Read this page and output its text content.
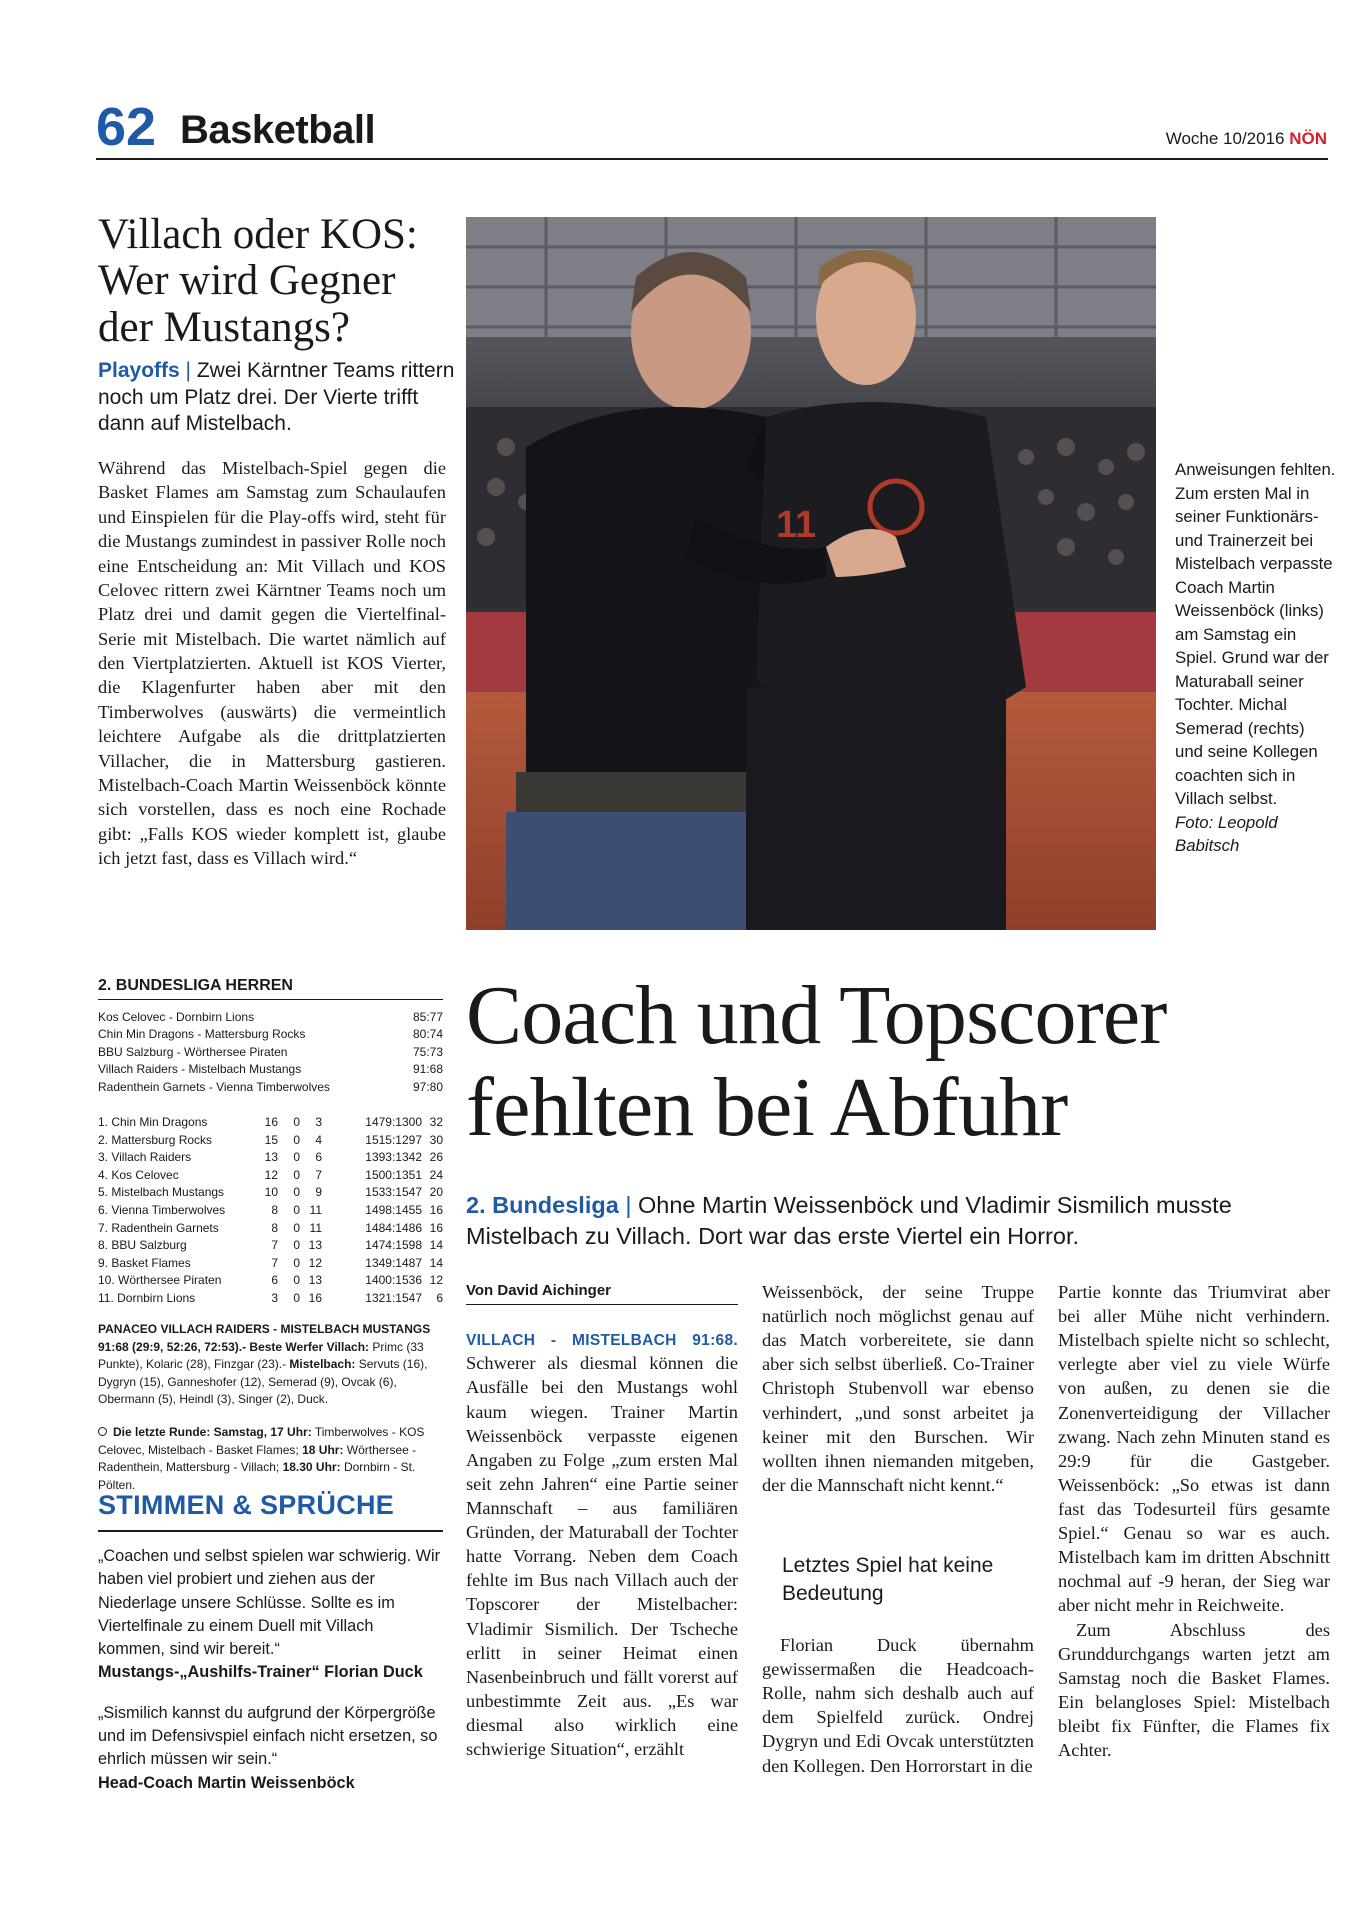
62 Basketball	Woche 10/2016 NÖN
Villach oder KOS:
Wer wird Gegner
der Mustangs?
Playoffs | Zwei Kärntner Teams rittern noch um Platz drei. Der Vierte trifft dann auf Mistelbach.

Während das Mistelbach-Spiel gegen die Basket Flames am Samstag zum Schaulaufen und Einspielen für die Play-offs wird, steht für die Mustangs zumindest in passiver Rolle noch eine Entscheidung an: Mit Villach und KOS Celovec rittern zwei Kärntner Teams noch um Platz drei und damit gegen die Viertelfinal-Serie mit Mistelbach. Die wartet nämlich auf den Viertplatzierten. Aktuell ist KOS Vierter, die Klagenfurter haben aber mit den Timberwolves (auswärts) die vermeintlich leichtere Aufgabe als die drittplatzierten Villacher, die in Mattersburg gastieren. Mistelbach-Coach Martin Weissenböck könnte sich vorstellen, dass es noch eine Rochade gibt: „Falls KOS wieder komplett ist, glaube ich jetzt fast, dass es Villach wird.“

11
Anweisungen fehlten. Zum ersten Mal in seiner Funktionärs- und Trainerzeit bei Mistelbach verpasste Coach Martin Weissenböck (links) am Samstag ein Spiel. Grund war der Maturaball seiner Tochter. Michal Semerad (rechts) und seine Kollegen coachten sich in Villach selbst.
Foto: Leopold Babitsch
2. BUNDESLIGA HERREN
Kos Celovec - Dornbirn Lions	85:77
Chin Min Dragons - Mattersburg Rocks	80:74
BBU Salzburg - Wörthersee Piraten	75:73
Villach Raiders - Mistelbach Mustangs	91:68
Radenthein Garnets - Vienna Timberwolves	97:80
1. Chin Min Dragons	16	0	3	1479:1300 32
2. Mattersburg Rocks	15	0	4	1515:1297 30
3. Villach Raiders	13	0	6	1393:1342 26
4. Kos Celovec	12	0	7	1500:1351 24
5. Mistelbach Mustangs	10	0	9	1533:1547 20
6. Vienna Timberwolves	8	0 11	1498:1455 16
7. Radenthein Garnets	8	0 11	1484:1486 16
8. BBU Salzburg	7	0 13	1474:1598 14
9. Basket Flames	7	0 12	1349:1487 14
10. Wörthersee Piraten	6	0 13	1400:1536 12
11. Dornbirn Lions	3	0 16	1321:1547	6
PANACEO VILLACH RAIDERS - MISTELBACH MUSTANGS
91:68 (29:9, 52:26, 72:53).- Beste Werfer Villach: Primc (33 Punkte), Kolaric (28), Finzgar (23).- Mistelbach: Servuts (16), Dygryn (15), Ganneshofer (12), Semerad (9), Ovcak (6), Obermann (5), Heindl (3), Singer (2), Duck.
Die letzte Runde: Samstag, 17 Uhr: Timberwolves - KOS Celovec, Mistelbach - Basket Flames; 18 Uhr: Wörthersee - Radenthein, Mattersburg - Villach; 18.30 Uhr: Dornbirn - St. Pölten.
STIMMEN & SPRÜCHE
„Coachen und selbst spielen war schwierig. Wir haben viel probiert und ziehen aus der Niederlage unsere Schlüsse. Sollte es im Viertelfinale zu einem Duell mit Villach kommen, sind wir bereit.“
Mustangs-„Aushilfs-Trainer“ Florian Duck
„Sismilich kannst du aufgrund der Körpergröße und im Defensivspiel einfach nicht ersetzen, so ehrlich müssen wir sein.“
Head-Coach Martin Weissenböck
Coach und Topscorer
fehlten bei Abfuhr
2. Bundesliga | Ohne Martin Weissenböck und Vladimir Sismilich musste Mistelbach zu Villach. Dort war das erste Viertel ein Horror.
Von David Aichinger

VILLACH - MISTELBACH 91:68. Schwerer als diesmal können die Ausfälle bei den Mustangs wohl kaum wiegen. Trainer Martin Weissenböck verpasste eigenen Angaben zu Folge „zum ersten Mal seit zehn Jahren“ eine Partie seiner Mannschaft – aus familiären Gründen, der Maturaball der Tochter hatte Vorrang. Neben dem Coach fehlte im Bus nach Villach auch der Topscorer der Mistelbacher: Vladimir Sismilich. Der Tscheche erlitt in seiner Heimat einen Nasenbeinbruch und fällt vorerst auf unbestimmte Zeit aus. „Es war diesmal also wirklich eine schwierige Situation“, erzählt

Weissenböck, der seine Truppe natürlich noch möglichst genau auf das Match vorbereitete, sie dann aber sich selbst überließ. Co-Trainer Christoph Stubenvoll war ebenso verhindert, „und sonst arbeitet ja keiner mit den Burschen. Wir wollten ihnen niemanden mitgeben, der die Mannschaft nicht kennt.“

Letztes Spiel hat keine Bedeutung

Florian Duck übernahm gewissermaßen die Headcoach-Rolle, nahm sich deshalb auch auf dem Spielfeld zurück. Ondrej Dygryn und Edi Ovcak unterstützten den Kollegen. Den Horrorstart in die

Partie konnte das Triumvirat aber bei aller Mühe nicht verhindern. Mistelbach spielte nicht so schlecht, verlegte aber viel zu viele Würfe von außen, zu denen sie die Zonenverteidigung der Villacher zwang. Nach zehn Minuten stand es 29:9 für die Gastgeber. Weissenböck: „So etwas ist dann fast das Todesurteil fürs gesamte Spiel.“ Genau so war es auch. Mistelbach kam im dritten Abschnitt nochmal auf -9 heran, der Sieg war aber nicht mehr in Reichweite.

Zum Abschluss des Grunddurchgangs warten jetzt am Samstag noch die Basket Flames. Ein belangloses Spiel: Mistelbach bleibt fix Fünfter, die Flames fix Achter.
